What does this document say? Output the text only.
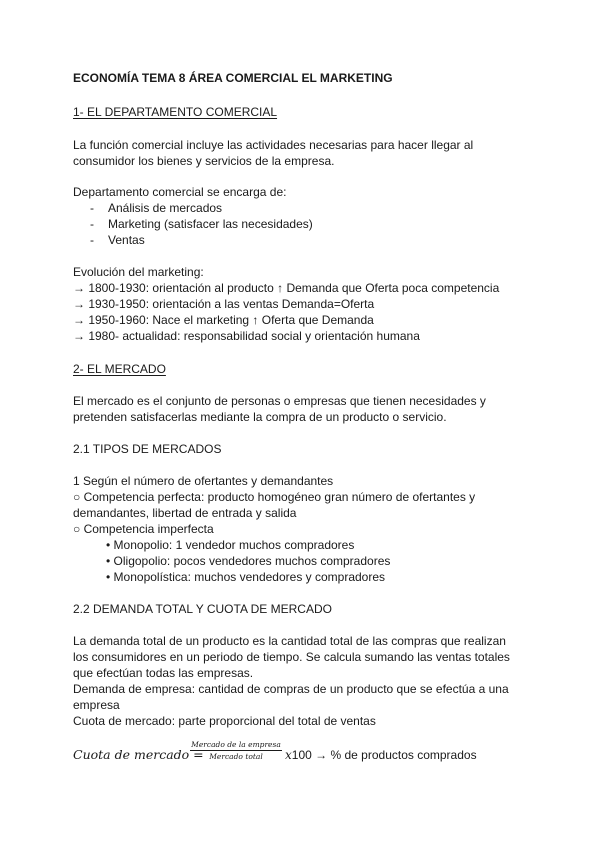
ECONOMÍA TEMA 8 ÁREA COMERCIAL EL MARKETING
1- EL DEPARTAMENTO COMERCIAL
La función comercial incluye las actividades necesarias para hacer llegar al
consumidor los bienes y servicios de la empresa.
Departamento comercial se encarga de:
- Análisis de mercados
- Marketing (satisfacer las necesidades)
- Ventas
Evolución del marketing:
→ 1800-1930: orientación al producto ↑ Demanda que Oferta poca competencia
→ 1930-1950: orientación a las ventas Demanda=Oferta
→ 1950-1960: Nace el marketing ↑ Oferta que Demanda
→ 1980- actualidad: responsabilidad social y orientación humana
2- EL MERCADO
El mercado es el conjunto de personas o empresas que tienen necesidades y
pretenden satisfacerlas mediante la compra de un producto o servicio.
2.1 TIPOS DE MERCADOS
1 Según el número de ofertantes y demandantes
○ Competencia perfecta: producto homogéneo gran número de ofertantes y
demandantes, libertad de entrada y salida
○ Competencia imperfecta
• Monopolio: 1 vendedor muchos compradores
• Oligopolio: pocos vendedores muchos compradores
• Monopolística: muchos vendedores y compradores
2.2 DEMANDA TOTAL Y CUOTA DE MERCADO
La demanda total de un producto es la cantidad total de las compras que realizan
los consumidores en un periodo de tiempo. Se calcula sumando las ventas totales
que efectúan todas las empresas.
Demanda de empresa: cantidad de compras de un producto que se efectúa a una
empresa
Cuota de mercado: parte proporcional del total de ventas
Cuota de mercado =
Mercado de la empresa
Mercado total	x100 → % de productos comprados
